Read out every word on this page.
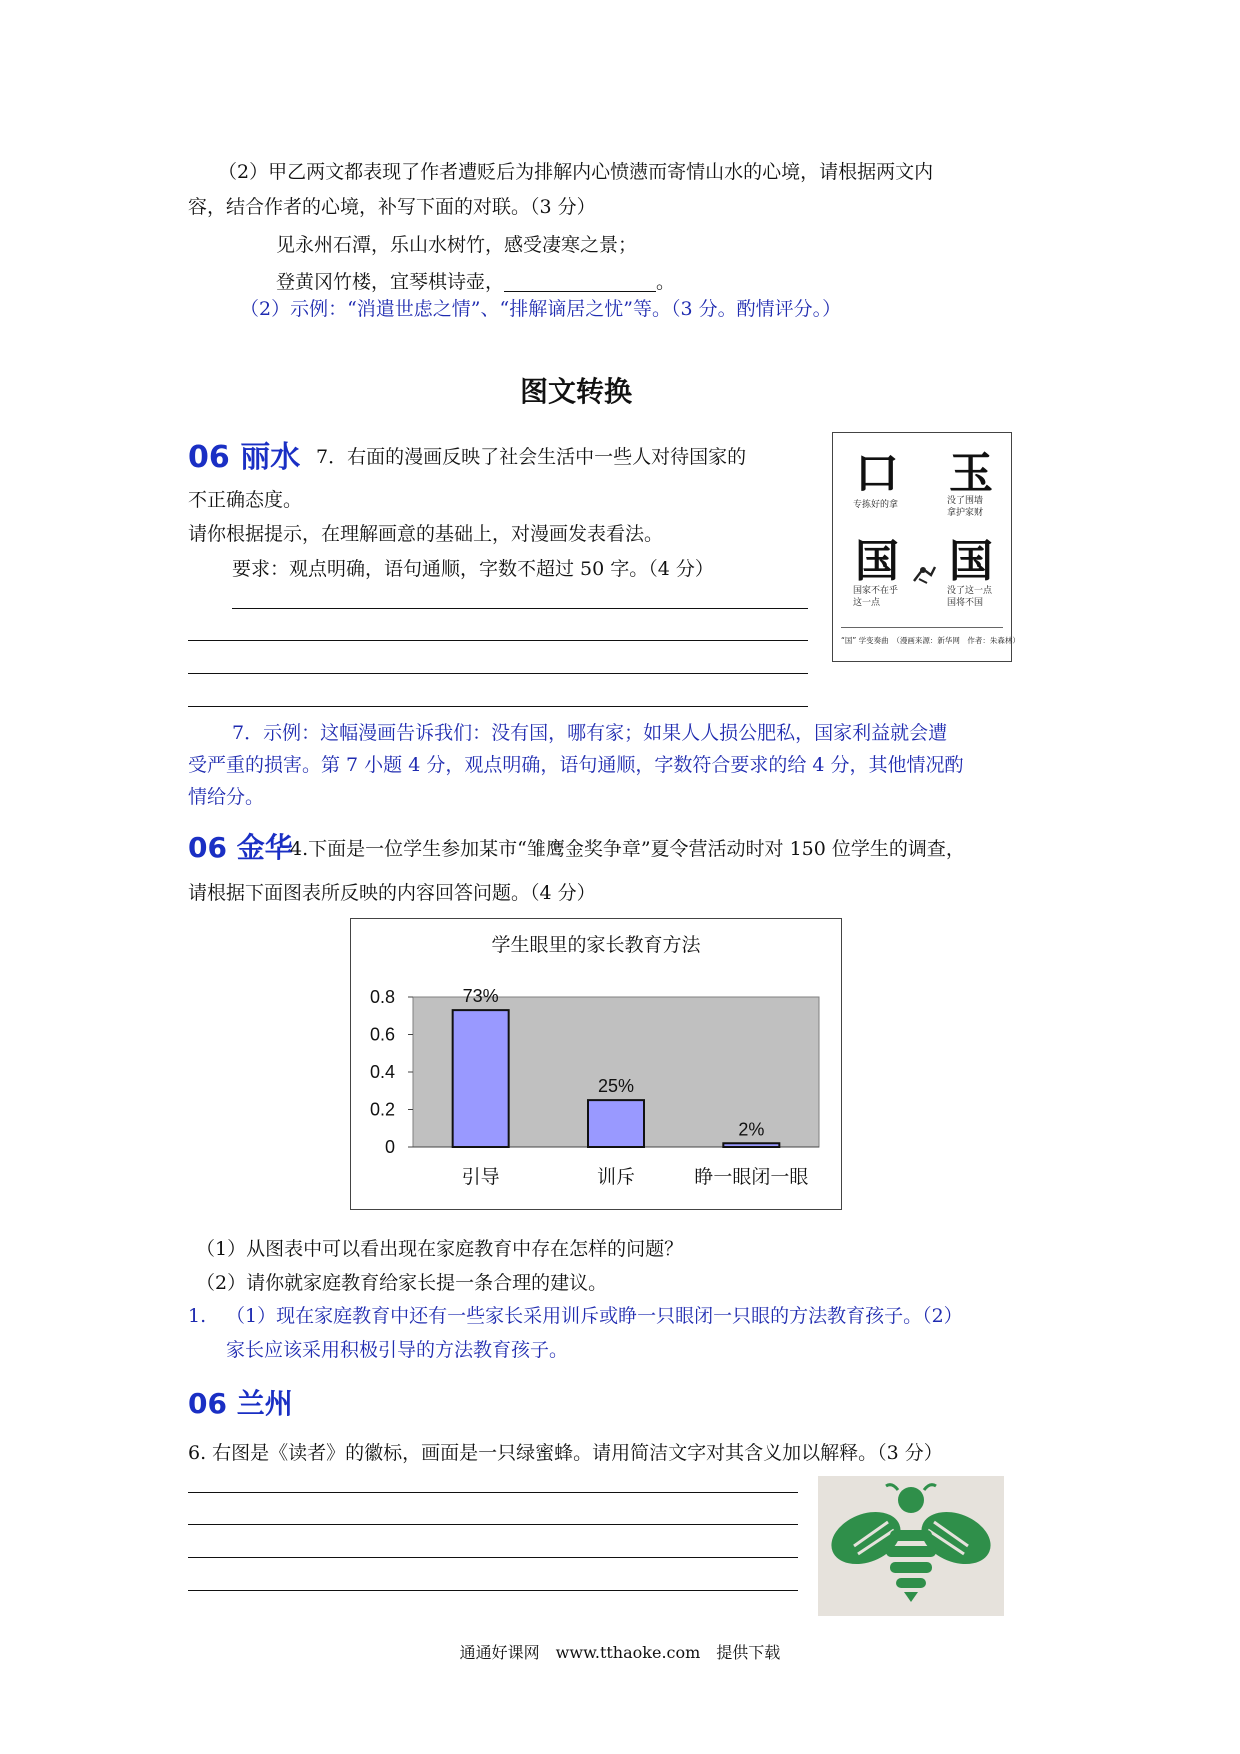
（2）甲乙两文都表现了作者遭贬后为排解内心愤懑而寄情山水的心境，请根据两文内
容，结合作者的心境，补写下面的对联。（3 分）
见永州石潭，乐山水树竹，感受凄寒之景；
登黄冈竹楼，宜琴棋诗壶，	。
（2）示例：“消遣世虑之情”、“排解谪居之忧”等。（3 分。酌情评分。）
图文转换
06 丽水 7．右面的漫画反映了社会生活中一些人对待国家的
不正确态度。
请你根据提示，在理解画意的基础上，对漫画发表看法。
要求：观点明确，语句通顺，字数不超过 50 字。（4 分）
口 玉
专拣好的拿	没了围墙
拿护家财
国 国
国家不在乎
这一点
没了这一点
国将不国
“国” 学变奏曲　（漫画来源：新华网　作者：朱森林）
7．示例：这幅漫画告诉我们：没有国，哪有家；如果人人损公肥私，国家利益就会遭
受严重的损害。第 7 小题 4 分，观点明确，语句通顺，字数符合要求的给 4 分，其他情况酌
情给分。
06 金华
4.下面是一位学生参加某市“雏鹰金奖争章”夏令营活动时对 150 位学生的调查，
请根据下面图表所反映的内容回答问题。（4 分）
学生眼里的家长教育方法
0
0.2
0.4
0.6
0.8	73%
引导
25%
训斥
2%
睁一眼闭一眼
（1）从图表中可以看出现在家庭教育中存在怎样的问题？
（2）请你就家庭教育给家长提一条合理的建议。
1. （1）现在家庭教育中还有一些家长采用训斥或睁一只眼闭一只眼的方法教育孩子。（2）
家长应该采用积极引导的方法教育孩子。
06 兰州
6. 右图是《读者》的徽标，画面是一只绿蜜蜂。请用简洁文字对其含义加以解释。（3 分）
通通好课网　www.tthaoke.com　提供下载
